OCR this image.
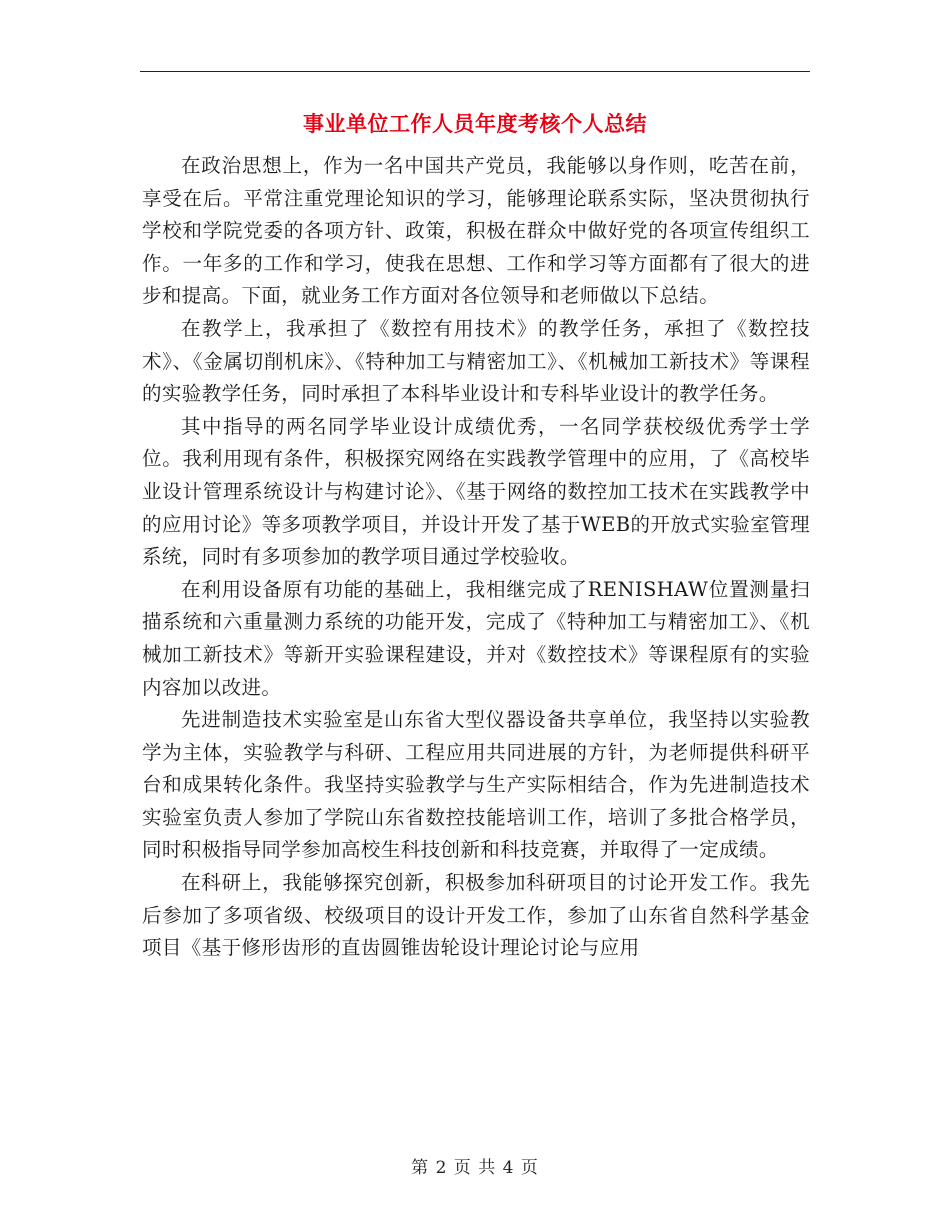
事业单位工作人员年度考核个人总结

在政治思想上，作为一名中国共产党员，我能够以身作则，吃苦在前，享受在后。平常注重党理论知识的学习，能够理论联系实际，坚决贯彻执行学校和学院党委的各项方针、政策，积极在群众中做好党的各项宣传组织工作。一年多的工作和学习，使我在思想、工作和学习等方面都有了很大的进步和提高。下面，就业务工作方面对各位领导和老师做以下总结。

在教学上，我承担了《数控有用技术》的教学任务，承担了《数控技术》、《金属切削机床》、《特种加工与精密加工》、《机械加工新技术》等课程的实验教学任务，同时承担了本科毕业设计和专科毕业设计的教学任务。

其中指导的两名同学毕业设计成绩优秀，一名同学获校级优秀学士学位。我利用现有条件，积极探究网络在实践教学管理中的应用，了《高校毕业设计管理系统设计与构建讨论》、《基于网络的数控加工技术在实践教学中的应用讨论》等多项教学项目，并设计开发了基于WEB的开放式实验室管理系统，同时有多项参加的教学项目通过学校验收。

在利用设备原有功能的基础上，我相继完成了RENISHAW位置测量扫描系统和六重量测力系统的功能开发，完成了《特种加工与精密加工》、《机械加工新技术》等新开实验课程建设，并对《数控技术》等课程原有的实验内容加以改进。

先进制造技术实验室是山东省大型仪器设备共享单位，我坚持以实验教学为主体，实验教学与科研、工程应用共同进展的方针，为老师提供科研平台和成果转化条件。我坚持实验教学与生产实际相结合，作为先进制造技术实验室负责人参加了学院山东省数控技能培训工作，培训了多批合格学员，同时积极指导同学参加高校生科技创新和科技竞赛，并取得了一定成绩。

在科研上，我能够探究创新，积极参加科研项目的讨论开发工作。我先后参加了多项省级、校级项目的设计开发工作，参加了山东省自然科学基金项目《基于修形齿形的直齿圆锥齿轮设计理论讨论与应用

第 2 页 共 4 页
